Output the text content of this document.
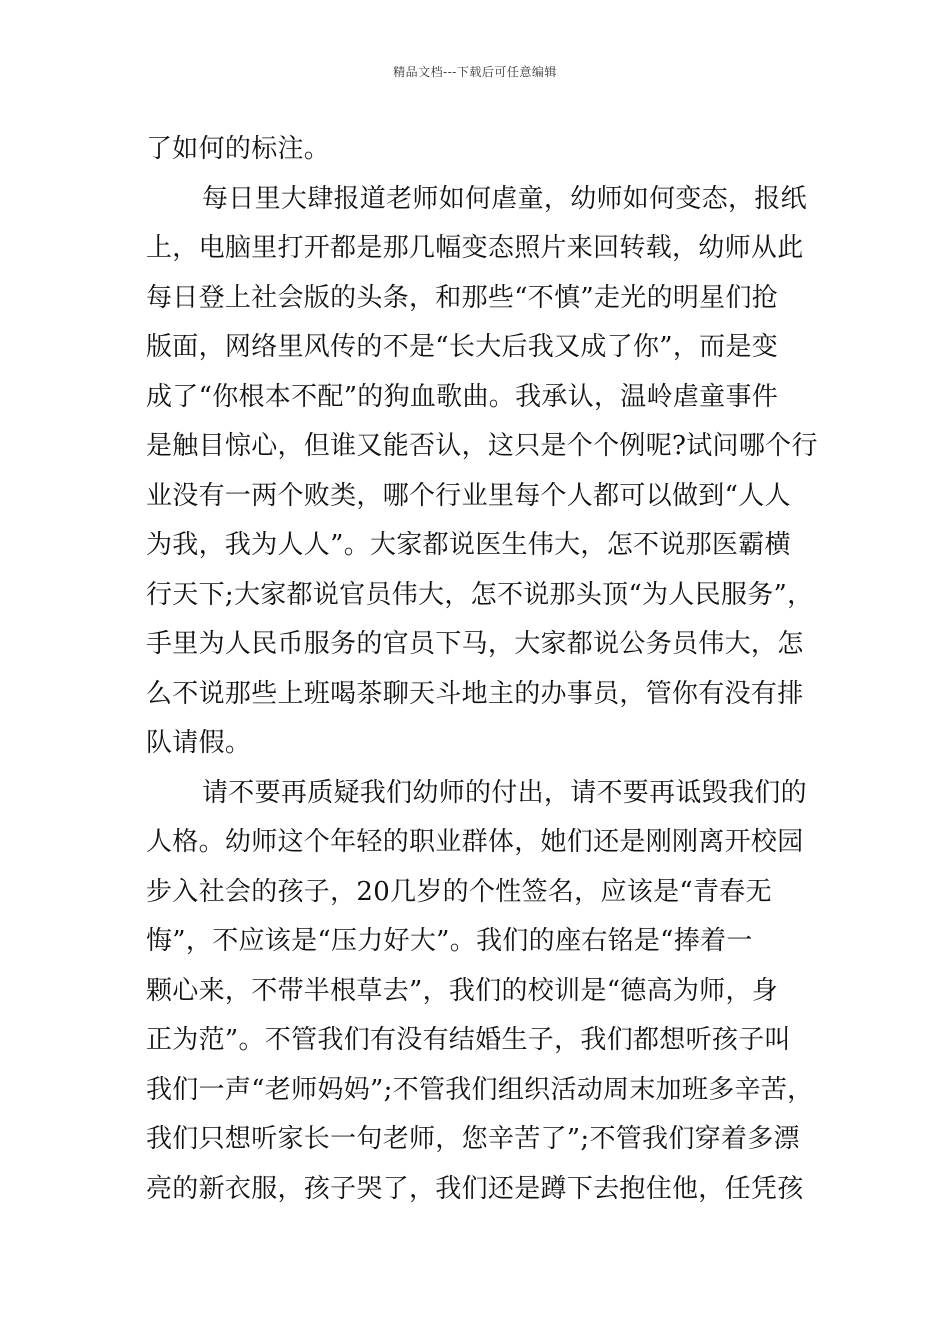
精品文档---下载后可任意编辑
了如何的标注。
每日里大肆报道老师如何虐童，幼师如何变态，报纸
上，电脑里打开都是那几幅变态照片来回转载，幼师从此
每日登上社会版的头条，和那些“不慎”走光的明星们抢
版面，网络里风传的不是“长大后我又成了你”，而是变
成了“你根本不配”的狗血歌曲。我承认，温岭虐童事件
是触目惊心，但谁又能否认，这只是个个例呢?试问哪个行
业没有一两个败类，哪个行业里每个人都可以做到“人人
为我，我为人人”。大家都说医生伟大，怎不说那医霸横
行天下;大家都说官员伟大，怎不说那头顶“为人民服务”，
手里为人民币服务的官员下马，大家都说公务员伟大，怎
么不说那些上班喝茶聊天斗地主的办事员，管你有没有排
队请假。
请不要再质疑我们幼师的付出，请不要再诋毁我们的
人格。幼师这个年轻的职业群体，她们还是刚刚离开校园
步入社会的孩子，20几岁的个性签名，应该是“青春无
悔”，不应该是“压力好大”。我们的座右铭是“捧着一
颗心来，不带半根草去”，我们的校训是“德高为师，身
正为范”。不管我们有没有结婚生子，我们都想听孩子叫
我们一声“老师妈妈”;不管我们组织活动周末加班多辛苦，
我们只想听家长一句老师，您辛苦了”;不管我们穿着多漂
亮的新衣服，孩子哭了，我们还是蹲下去抱住他，任凭孩
